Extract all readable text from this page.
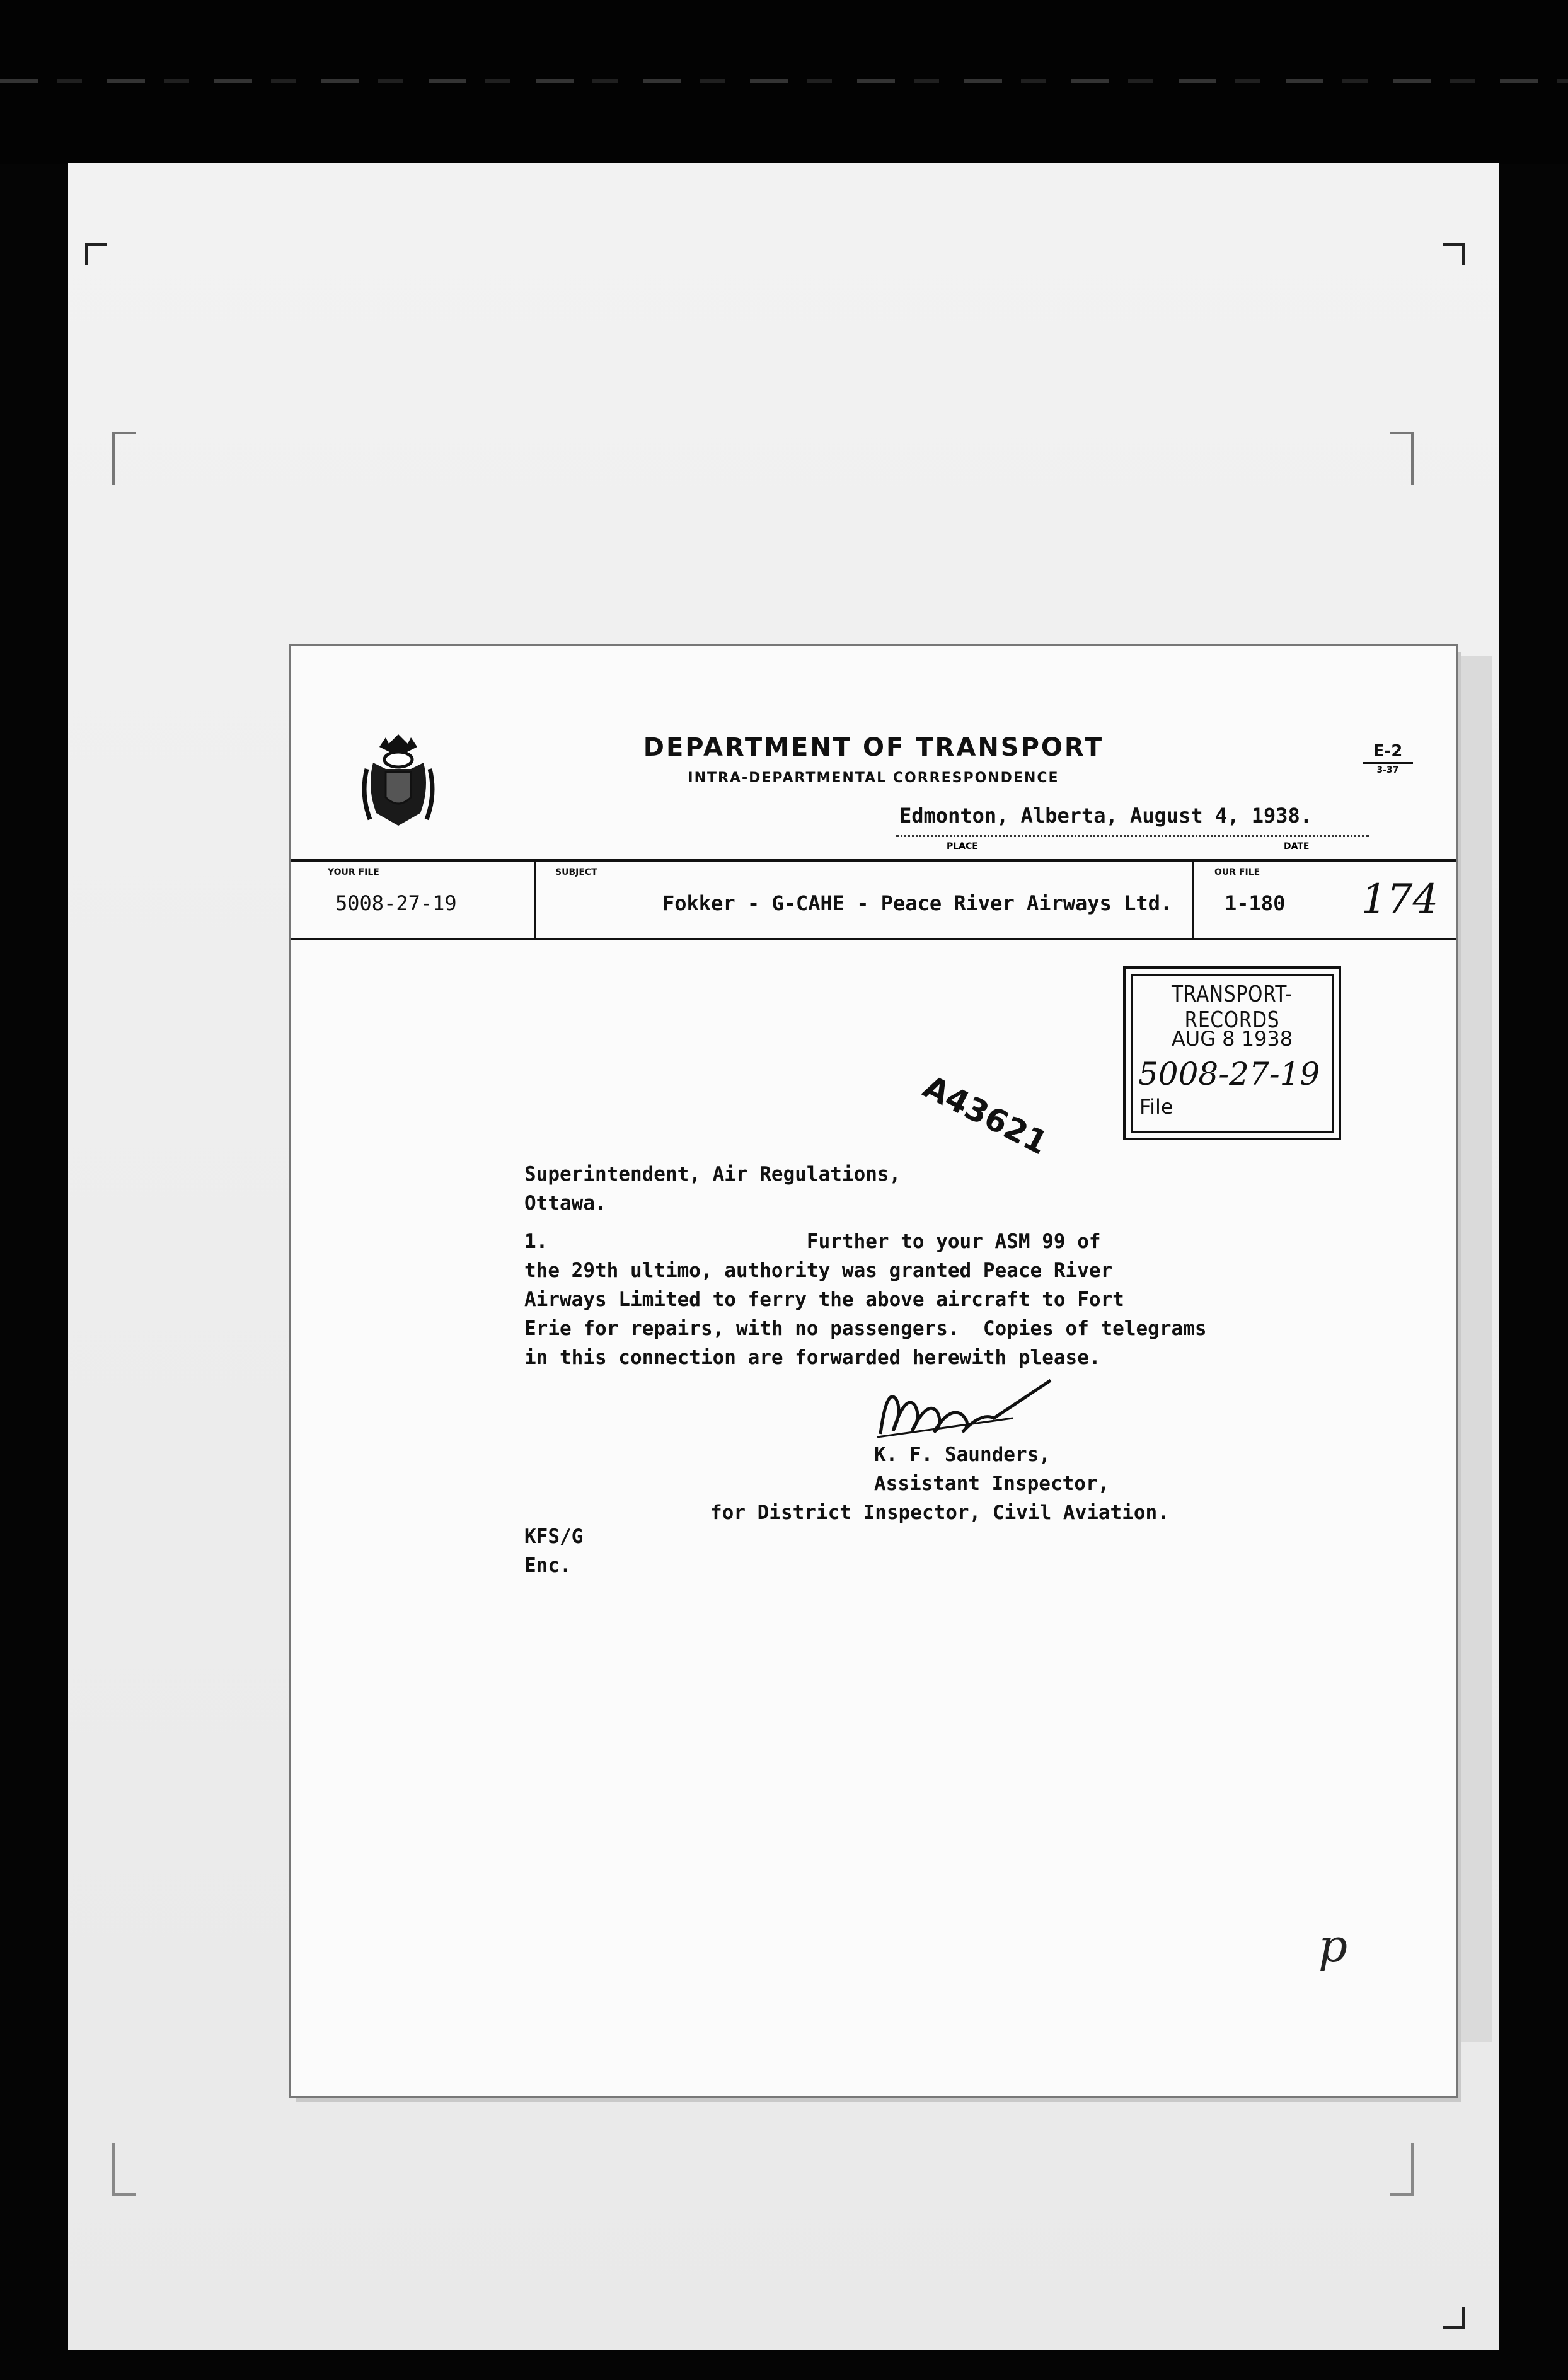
DEPARTMENT OF TRANSPORT
INTRA-DEPARTMENTAL CORRESPONDENCE
E-2
3-37
Edmonton, Alberta, August 4, 1938.
PLACE	DATE
YOUR FILE
5008-27-19
SUBJECT
Fokker - G-CAHE - Peace River Airways Ltd.
OUR FILE
1-180 174
TRANSPORT-RECORDS
AUG 8 1938
5008-27-19
File
A43621
Superintendent, Air Regulations,
Ottawa.
1.                      Further to your ASM 99 of
the 29th ultimo, authority was granted Peace River
Airways Limited to ferry the above aircraft to Fort
Erie for repairs, with no passengers.  Copies of telegrams
in this connection are forwarded herewith please.
K. F. Saunders,
Assistant Inspector,
for District Inspector, Civil Aviation.
KFS/G
Enc.
p
